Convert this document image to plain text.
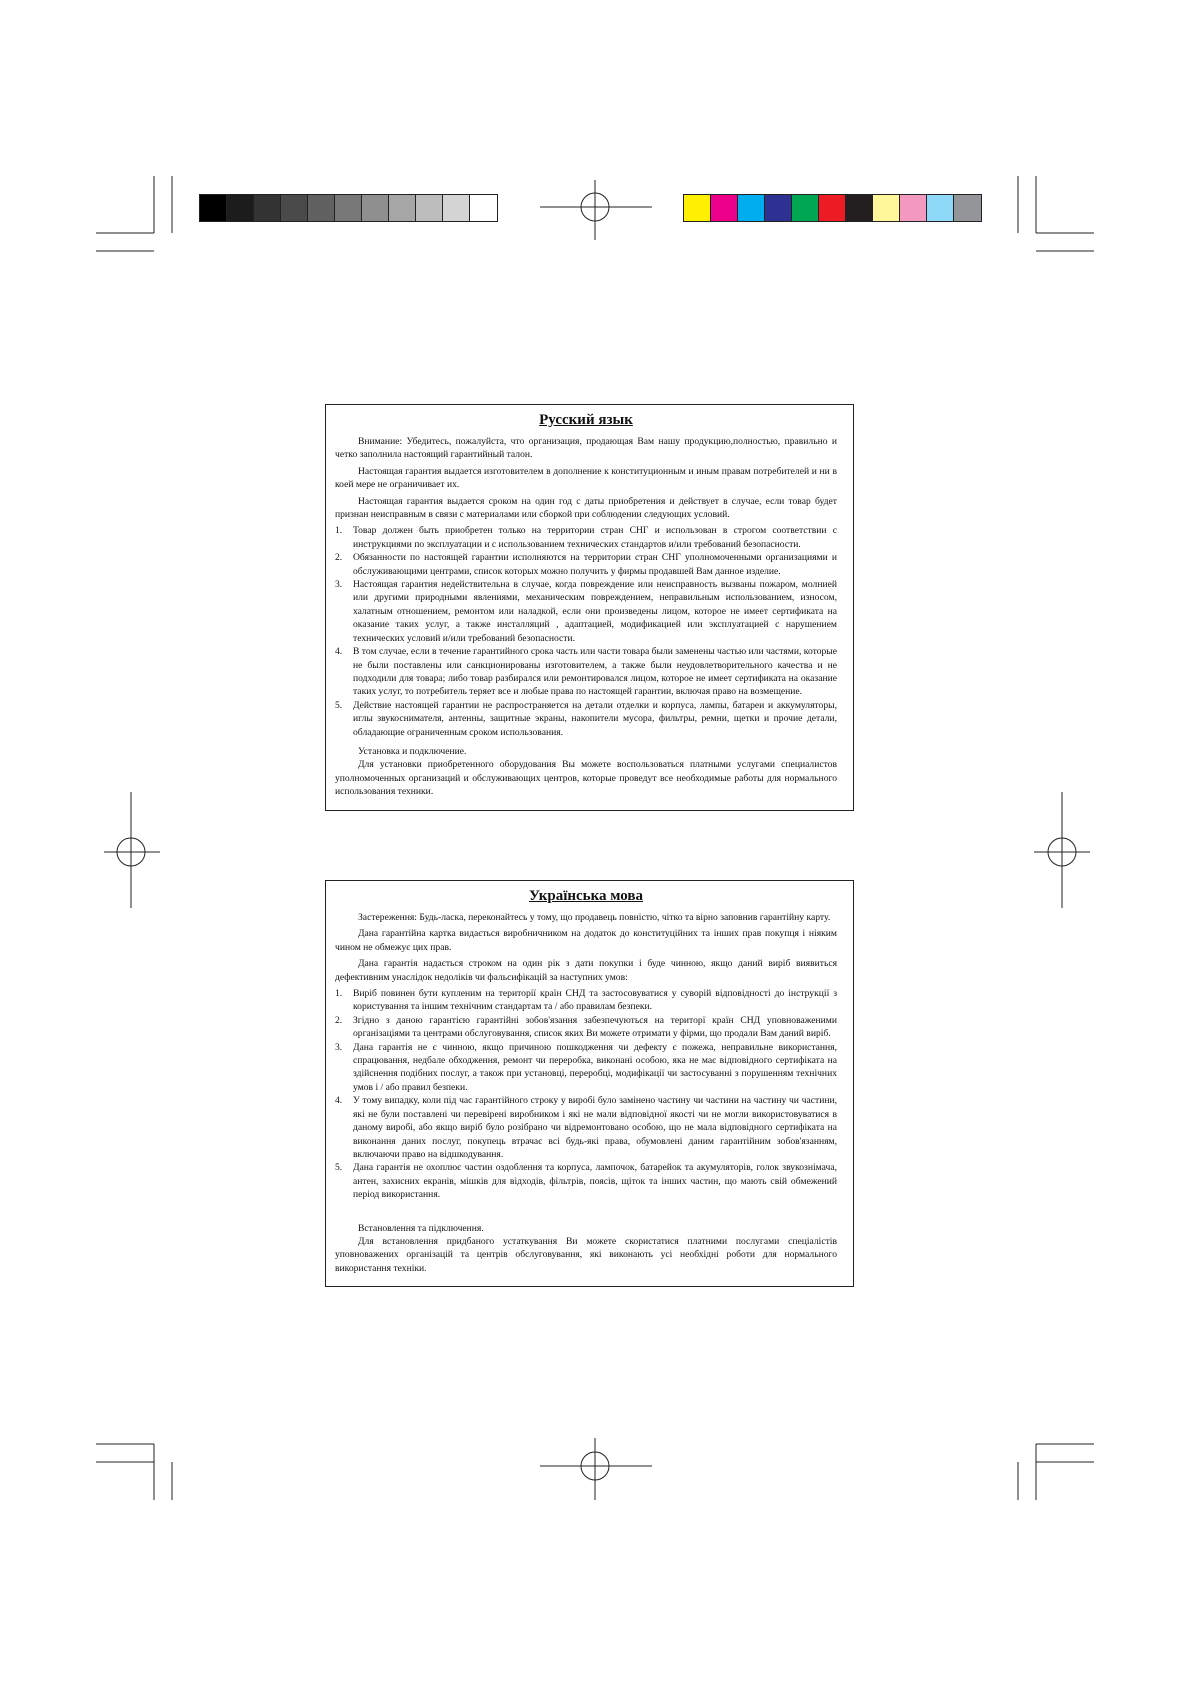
Русский язык

Внимание: Убедитесь, пожалуйста, что организация, продающая Вам нашу продукцию,полностью, правильно и четко заполнила настоящий гарантийный талон.

Настоящая гарантия выдается изготовителем в дополнение к конституционным и иным правам потребителей и ни в коей мере не ограничивает их.

Настоящая гарантия выдается сроком на один год с даты приобретения и действует в случае, если товар будет признан неисправным в связи с материалами или сборкой при соблюдении следующих условий.

1. Товар должен быть приобретен только на территории стран СНГ и использован в строгом соответствии с инструкциями по эксплуатации и с использованием технических стандартов и/или требований безопасности.
2. Обязанности по настоящей гарантии исполняются на территории стран СНГ уполномоченными организациями и обслуживающими центрами, список которых можно получить у фирмы продавшей Вам данное изделие.
3. Настоящая гарантия недействительна в случае, когда повреждение или неисправность вызваны пожаром, молнией или другими природными явлениями, механическим повреждением, неправильным использованием, износом, халатным отношением, ремонтом или наладкой, если они произведены лицом, которое не имеет сертификата на оказание таких услуг, а также инсталляций , адаптацией, модификацией или эксплуатацией с нарушением технических условий и/или требований безопасности.
4. В том случае, если в течение гарантийного срока часть или части товара были заменены частью или частями, которые не были поставлены или санкционированы изготовителем, а также были неудовлетворительного качества и не подходили для товара; либо товар разбирался или ремонтировался лицом, которое не имеет сертификата на оказание таких услуг, то потребитель теряет все и любые права по настоящей гарантии, включая право на возмещение.
5. Действие настоящей гарантии не распространяется на детали отделки и корпуса, лампы, батареи и аккумуляторы, иглы звукоснимателя, антенны, защитные экраны, накопители мусора, фильтры, ремни, щетки и прочие детали, обладающие ограниченным сроком использования.

Установка и подключение.

Для установки приобретенного оборудования Вы можете воспользоваться платными услугами специалистов уполномоченных организаций и обслуживающих центров, которые проведут все необходимые работы для нормального использования техники.

Українська мова

Застереження: Будь-ласка, переконайтесь у тому, що продавець повністю, чітко та вірно заповнив гарантійну карту.

Дана гарантійна картка видається виробничником на додаток до конституційних та інших прав покупця і ніяким чином не обмежує цих прав.

Дана гарантія надається строком на один рік з дати покупки і буде чинною, якщо даний виріб виявиться дефективним унаслідок недоліків чи фальсифікацій за наступних умов:

1. Виріб повинен бути купленим на території країн СНД та застосовуватися у суворій відповідності до інструкції з користування та іншим технічним стандартам та / або правилам безпеки.
2. Згідно з даною гарантією гарантійні зобов'язання забезпечуються на територї країн СНД уповноваженими організаціями та центрами обслуговування, список яких Ви можете отримати у фірми, що продали Вам даний виріб.
3. Дана гарантія не є чинною, якщо причиною пошкодження чи дефекту є пожежа, неправильне використання, спрацювання, недбале обходження, ремонт чи переробка, виконані особою, яка не має відповідного сертифіката на здійснення подібних послуг, а також при установці, переробці, модифікації чи застосуванні з порушенням технічних умов і / або правил безпеки.
4. У тому випадку, коли під час гарантійного строку у виробі було замінено частину чи частини на частину чи частини, які не були поставлені чи перевірені виробником і які не мали відповідної якості чи не могли використовуватися в даному виробі, або якщо виріб було розібрано чи відремонтовано особою, що не мала відповідного сертифіката на виконання даних послуг, покупець втрачає всі будь-які права, обумовлені даним гарантійним зобов'язанням, включаючи право на відшкодування.
5. Дана гарантія не охоплює частин оздоблення та корпуса, лампочок, батарейок та акумуляторів, голок звукознімача, антен, захисних екранів, мішків для відходів, фільтрів, поясів, щіток та інших частин, що мають свій обмежений період використання.

Встановлення та підключення.

Для встановлення придбаного устаткування Ви можете скористатися платними послугами спеціалістів уповноважених організацій та центрів обслуговування, які виконають усі необхідні роботи для нормального використання техніки.
